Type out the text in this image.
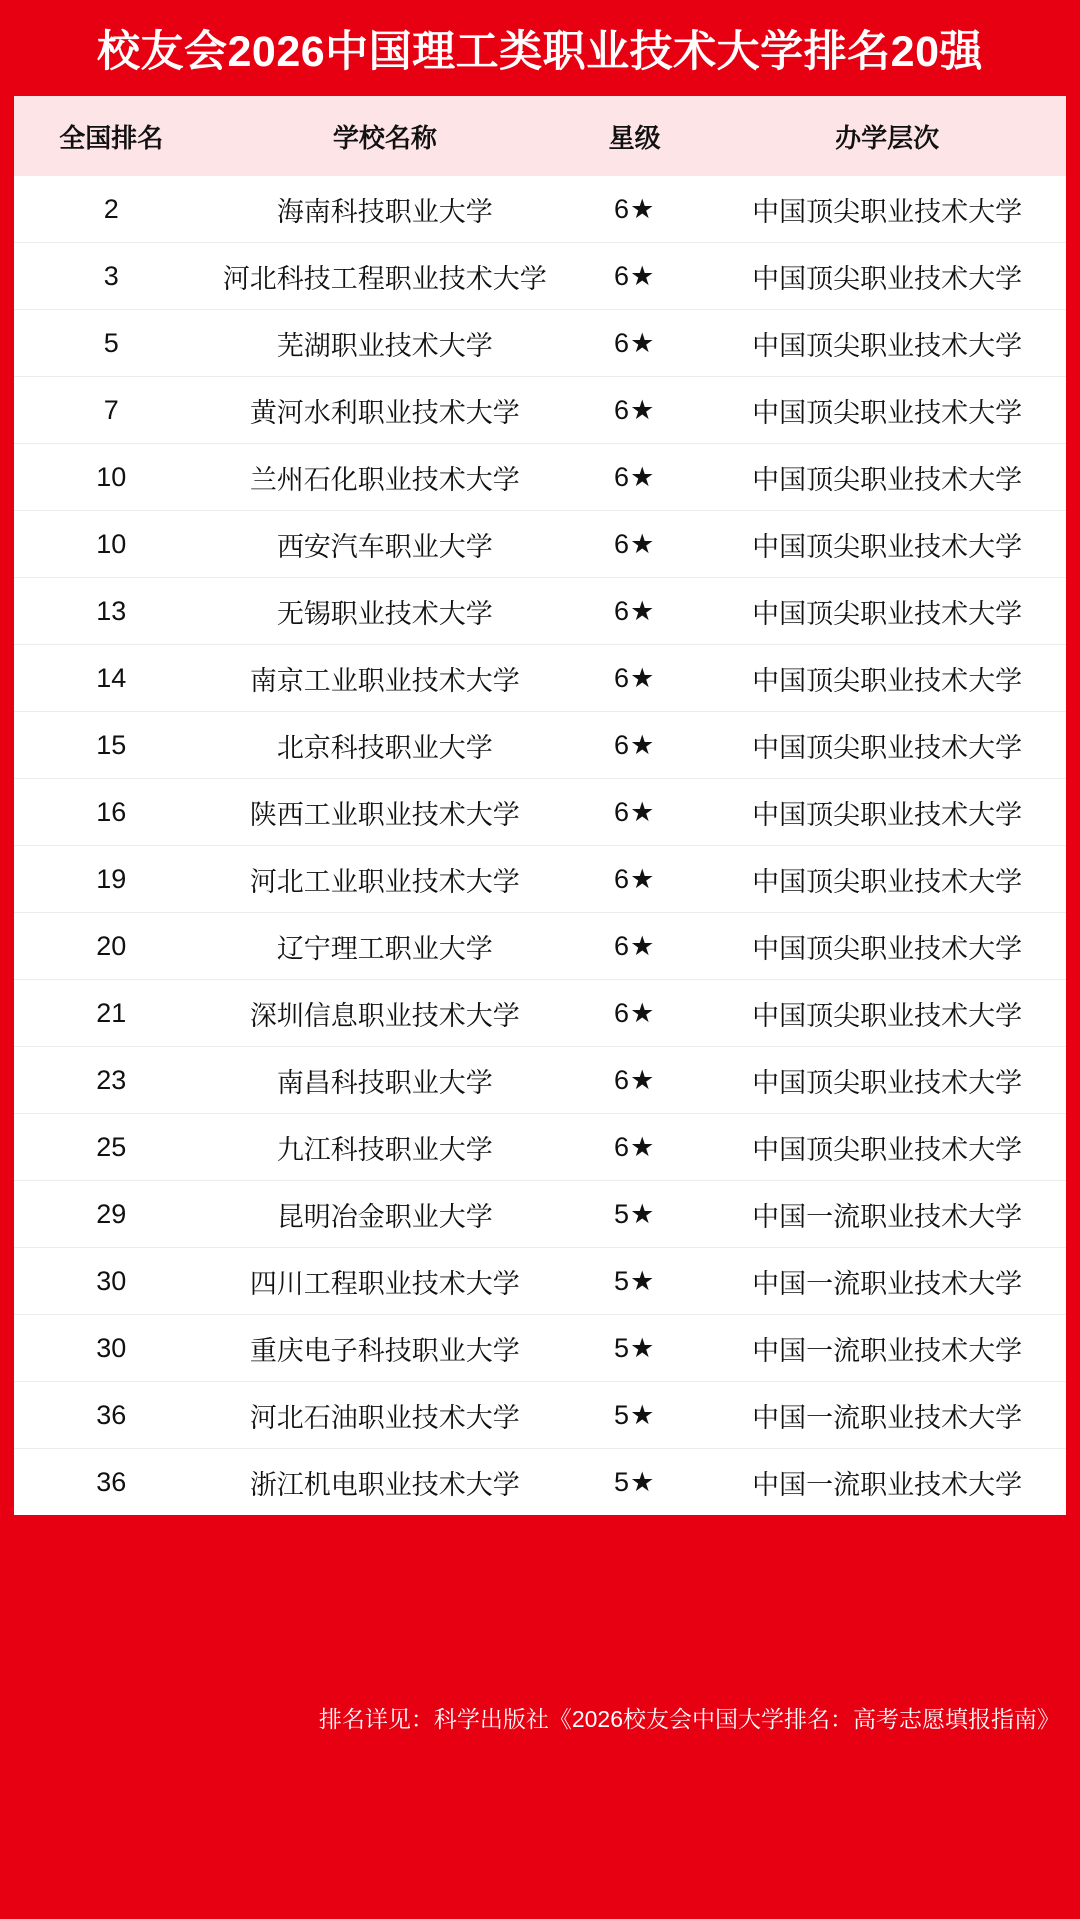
校友会2026中国理工类职业技术大学排名20强
全国排名	学校名称	星级	办学层次
2	海南科技职业大学	6★	中国顶尖职业技术大学
3	河北科技工程职业技术大学	6★	中国顶尖职业技术大学
5	芜湖职业技术大学	6★	中国顶尖职业技术大学
7	黄河水利职业技术大学	6★	中国顶尖职业技术大学
10	兰州石化职业技术大学	6★	中国顶尖职业技术大学
10	西安汽车职业大学	6★	中国顶尖职业技术大学
13	无锡职业技术大学	6★	中国顶尖职业技术大学
14	南京工业职业技术大学	6★	中国顶尖职业技术大学
15	北京科技职业大学	6★	中国顶尖职业技术大学
16	陕西工业职业技术大学	6★	中国顶尖职业技术大学
19	河北工业职业技术大学	6★	中国顶尖职业技术大学
20	辽宁理工职业大学	6★	中国顶尖职业技术大学
21	深圳信息职业技术大学	6★	中国顶尖职业技术大学
23	南昌科技职业大学	6★	中国顶尖职业技术大学
25	九江科技职业大学	6★	中国顶尖职业技术大学
29	昆明冶金职业大学	5★	中国一流职业技术大学
30	四川工程职业技术大学	5★	中国一流职业技术大学
30	重庆电子科技职业大学	5★	中国一流职业技术大学
36	河北石油职业技术大学	5★	中国一流职业技术大学
36	浙江机电职业技术大学	5★	中国一流职业技术大学
排名详见：科学出版社《2026校友会中国大学排名：高考志愿填报指南》
